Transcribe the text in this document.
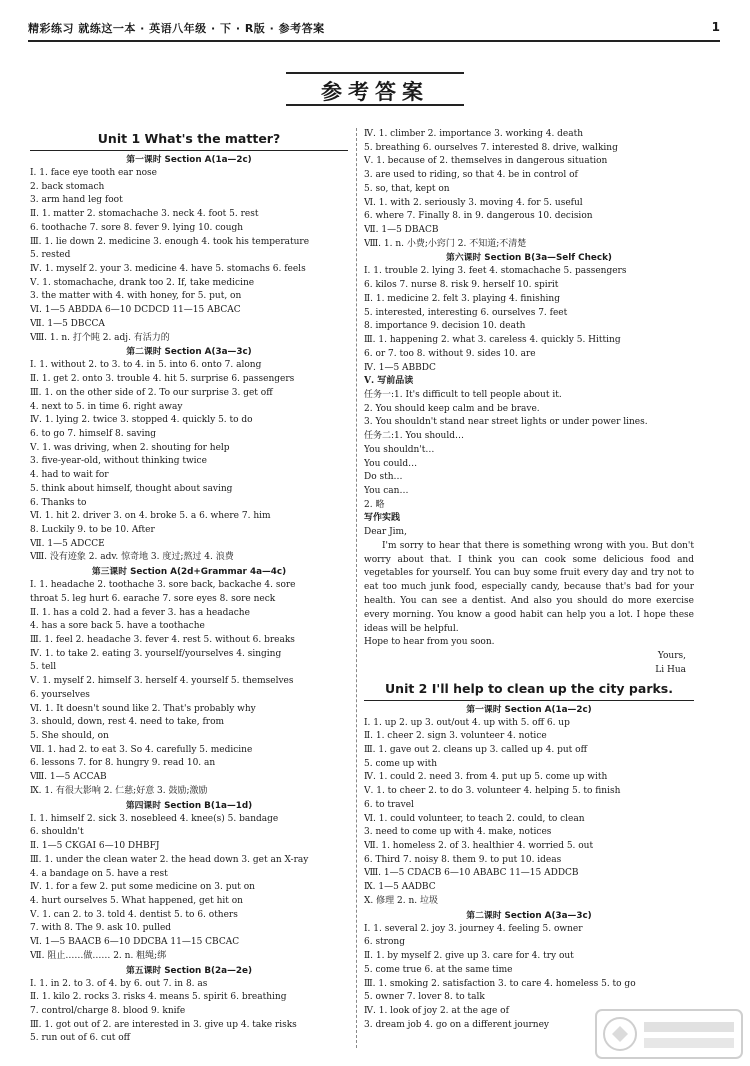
精彩练习 就练这一本 · 英语八年级 · 下 · R版 · 参考答案	1
参考答案
Unit 1 What's the matter?
第一课时 Section A(1a—2c)
Ⅰ. 1. face eye tooth ear nose
2. back stomach
3. arm hand leg foot
Ⅱ. 1. matter 2. stomachache 3. neck 4. foot 5. rest
6. toothache 7. sore 8. fever 9. lying 10. cough
Ⅲ. 1. lie down 2. medicine 3. enough 4. took his temperature
5. rested
Ⅳ. 1. myself 2. your 3. medicine 4. have 5. stomachs 6. feels
Ⅴ. 1. stomachache, drank too 2. If, take medicine
3. the matter with 4. with honey, for 5. put, on
Ⅵ. 1—5 ABDDA 6—10 DCDCD 11—15 ABCAC
Ⅶ. 1—5 DBCCA
Ⅷ. 1. n. 打个盹 2. adj. 有活力的
第二课时 Section A(3a—3c)
Ⅰ. 1. without 2. to 3. to 4. in 5. into 6. onto 7. along
Ⅱ. 1. get 2. onto 3. trouble 4. hit 5. surprise 6. passengers
Ⅲ. 1. on the other side of 2. To our surprise 3. get off
4. next to 5. in time 6. right away
Ⅳ. 1. lying 2. twice 3. stopped 4. quickly 5. to do
6. to go 7. himself 8. saving
Ⅴ. 1. was driving, when 2. shouting for help
3. five-year-old, without thinking twice
4. had to wait for
5. think about himself, thought about saving
6. Thanks to
Ⅵ. 1. hit 2. driver 3. on 4. broke 5. a 6. where 7. him
8. Luckily 9. to be 10. After
Ⅶ. 1—5 ADCCE
Ⅷ. 没有迹象 2. adv. 惊奇地 3. 度过;熬过 4. 浪费
第三课时 Section A(2d+Grammar 4a—4c)
Ⅰ. 1. headache 2. toothache 3. sore back, backache 4. sore
throat 5. leg hurt 6. earache 7. sore eyes 8. sore neck
Ⅱ. 1. has a cold 2. had a fever 3. has a headache
4. has a sore back 5. have a toothache
Ⅲ. 1. feel 2. headache 3. fever 4. rest 5. without 6. breaks
Ⅳ. 1. to take 2. eating 3. yourself/yourselves 4. singing
5. tell
Ⅴ. 1. myself 2. himself 3. herself 4. yourself 5. themselves
6. yourselves
Ⅵ. 1. It doesn't sound like 2. That's probably why
3. should, down, rest 4. need to take, from
5. She should, on
Ⅶ. 1. had 2. to eat 3. So 4. carefully 5. medicine
6. lessons 7. for 8. hungry 9. read 10. an
Ⅷ. 1—5 ACCAB
Ⅸ. 1. 有很大影响 2. 仁慈;好意 3. 鼓励;激励
第四课时 Section B(1a—1d)
Ⅰ. 1. himself 2. sick 3. nosebleed 4. knee(s) 5. bandage
6. shouldn't
Ⅱ. 1—5 CKGAI 6—10 DHBFJ
Ⅲ. 1. under the clean water 2. the head down 3. get an X-ray
4. a bandage on 5. have a rest
Ⅳ. 1. for a few 2. put some medicine on 3. put on
4. hurt ourselves 5. What happened, get hit on
Ⅴ. 1. can 2. to 3. told 4. dentist 5. to 6. others
7. with 8. The 9. ask 10. pulled
Ⅵ. 1—5 BAACB 6—10 DDCBA 11—15 CBCAC
Ⅶ. 阻止……做…… 2. n. 粗绳;绑
第五课时 Section B(2a—2e)
Ⅰ. 1. in 2. to 3. of 4. by 6. out 7. in 8. as
Ⅱ. 1. kilo 2. rocks 3. risks 4. means 5. spirit 6. breathing
7. control/charge 8. blood 9. knife
Ⅲ. 1. got out of 2. are interested in 3. give up 4. take risks
5. run out of 6. cut off
Ⅳ. 1. climber 2. importance 3. working 4. death
5. breathing 6. ourselves 7. interested 8. drive, walking
Ⅴ. 1. because of 2. themselves in dangerous situation
3. are used to riding, so that 4. be in control of
5. so, that, kept on
Ⅵ. 1. with 2. seriously 3. moving 4. for 5. useful
6. where 7. Finally 8. in 9. dangerous 10. decision
Ⅶ. 1—5 DBACB
Ⅷ. 1. n. 小费;小窍门 2. 不知道;不清楚
第六课时 Section B(3a—Self Check)
Ⅰ. 1. trouble 2. lying 3. feet 4. stomachache 5. passengers
6. kilos 7. nurse 8. risk 9. herself 10. spirit
Ⅱ. 1. medicine 2. felt 3. playing 4. finishing
5. interested, interesting 6. ourselves 7. feet
8. importance 9. decision 10. death
Ⅲ. 1. happening 2. what 3. careless 4. quickly 5. Hitting
6. or 7. too 8. without 9. sides 10. are
Ⅳ. 1—5 ABBDC
Ⅴ. 写前品读
任务一:1. It's difficult to tell people about it.
2. You should keep calm and be brave.
3. You shouldn't stand near street lights or under power lines.
任务二:1. You should…
You shouldn't…
You could…
Do sth…
You can…
2. 略
写作实践
Dear Jim,
I'm sorry to hear that there is something wrong with you. But don't worry about that. I think you can cook some delicious food and vegetables for yourself. You can buy some fruit every day and try not to eat too much junk food, especially candy, because that's bad for your health. You can see a dentist. And also you should do more exercise every morning. You know a good habit can help you a lot. I hope these ideas will be helpful.
Hope to hear from you soon.
Yours,
Li Hua
Unit 2 I'll help to clean up the city parks.
第一课时 Section A(1a—2c)
Ⅰ. 1. up 2. up 3. out/out 4. up with 5. off 6. up
Ⅱ. 1. cheer 2. sign 3. volunteer 4. notice
Ⅲ. 1. gave out 2. cleans up 3. called up 4. put off
5. come up with
Ⅳ. 1. could 2. need 3. from 4. put up 5. come up with
Ⅴ. 1. to cheer 2. to do 3. volunteer 4. helping 5. to finish
6. to travel
Ⅵ. 1. could volunteer, to teach 2. could, to clean
3. need to come up with 4. make, notices
Ⅶ. 1. homeless 2. of 3. healthier 4. worried 5. out
6. Third 7. noisy 8. them 9. to put 10. ideas
Ⅷ. 1—5 CDACB 6—10 ABABC 11—15 ADDCB
Ⅸ. 1—5 AADBC
Ⅹ. 修理 2. n. 垃圾
第二课时 Section A(3a—3c)
Ⅰ. 1. several 2. joy 3. journey 4. feeling 5. owner
6. strong
Ⅱ. 1. by myself 2. give up 3. care for 4. try out
5. come true 6. at the same time
Ⅲ. 1. smoking 2. satisfaction 3. to care 4. homeless 5. to go
5. owner 7. lover 8. to talk
Ⅳ. 1. look of joy 2. at the age of
3. dream job 4. go on a different journey
